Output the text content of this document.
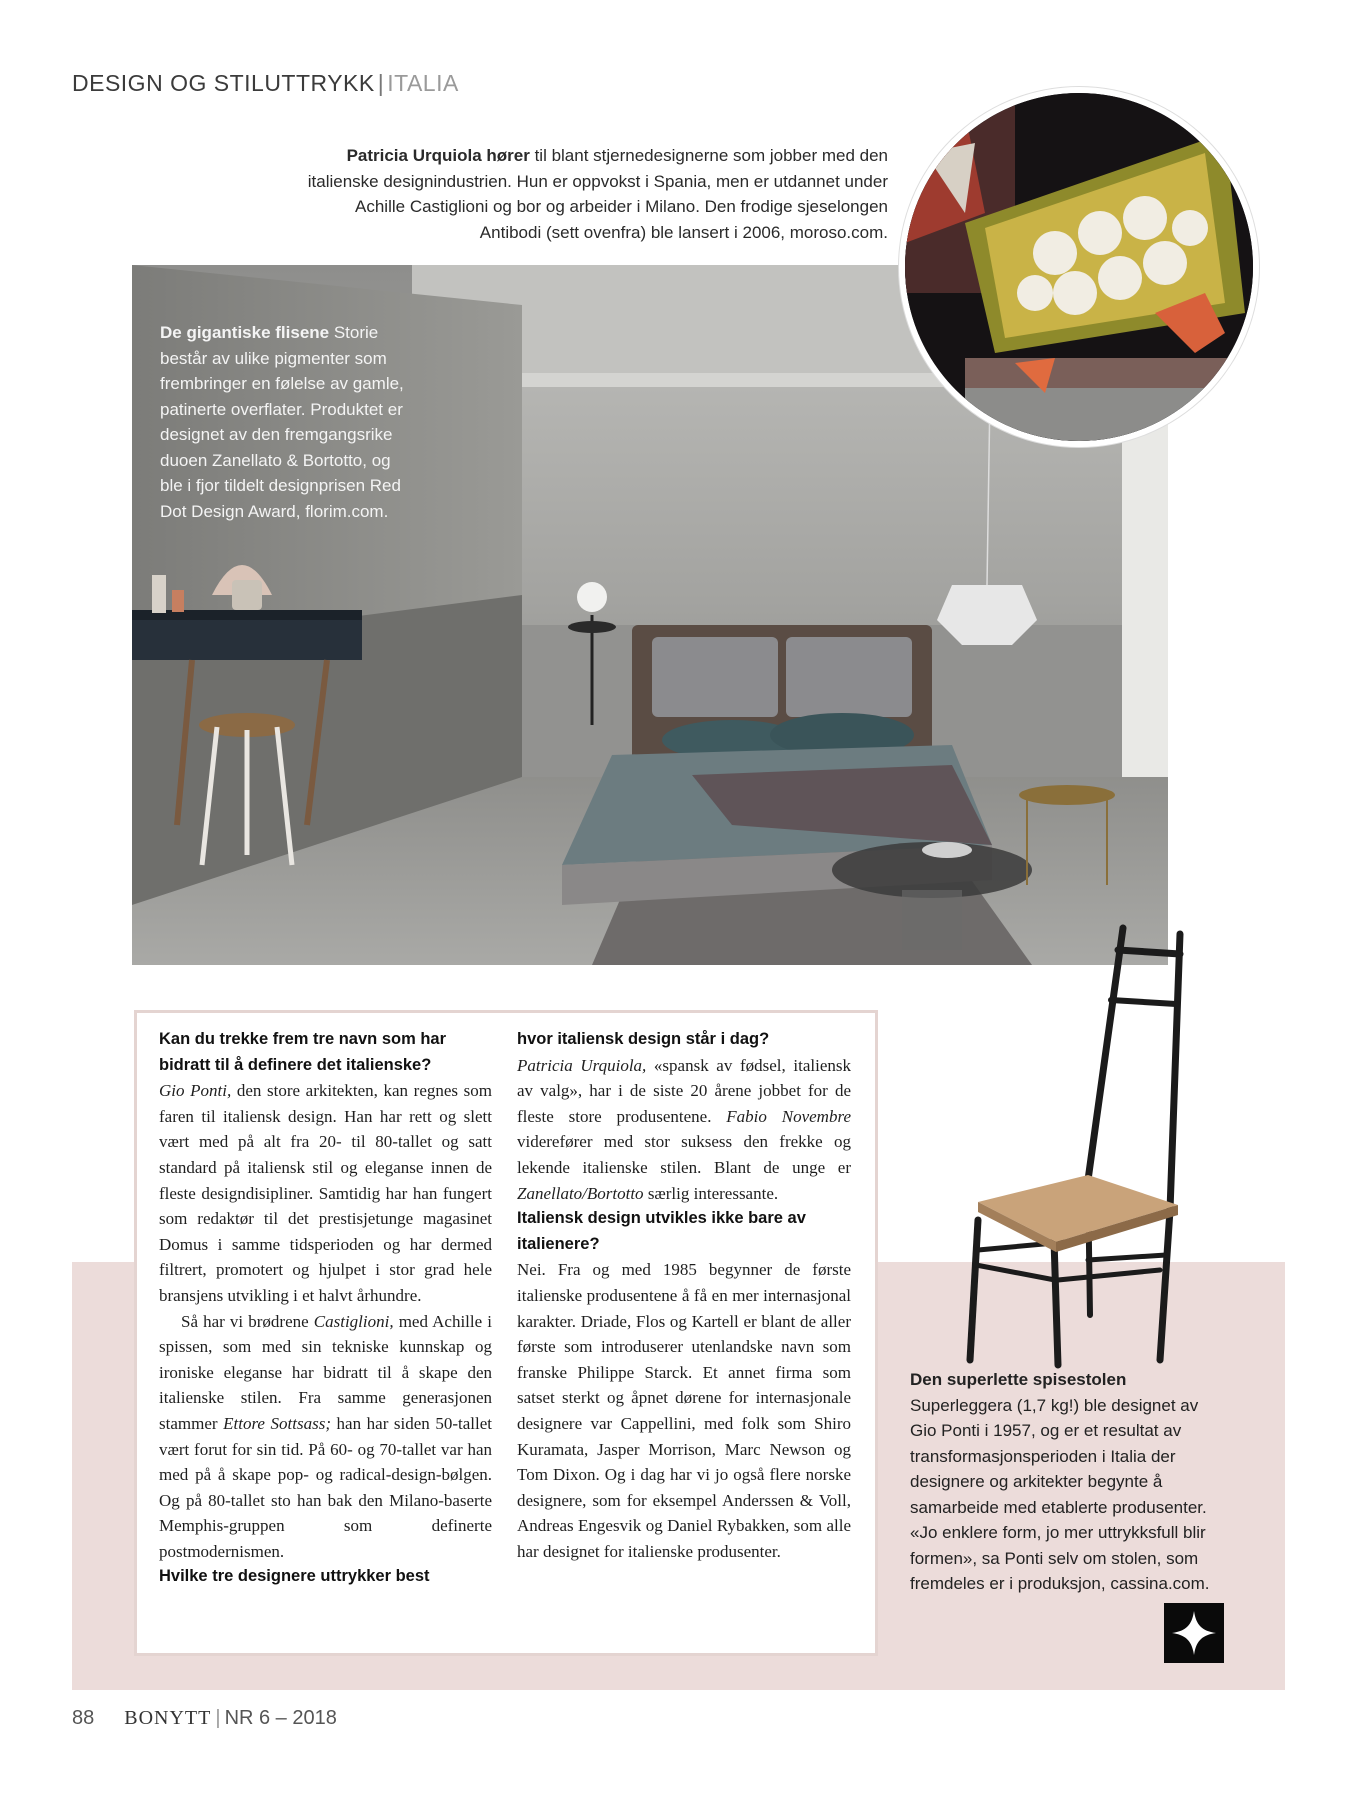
DESIGN OG STILUTTRYKK | ITALIA
Patricia Urquiola hører til blant stjernedesignerne som jobber med den italienske designindustrien. Hun er oppvokst i Spania, men er utdannet under Achille Castiglioni og bor og arbeider i Milano. Den frodige sjeselongen Antibodi (sett ovenfra) ble lansert i 2006, moroso.com.
De gigantiske flisene Storie består av ulike pigmenter som frembringer en følelse av gamle, patinerte overflater. Produktet er designet av den fremgangsrike duoen Zanellato & Bortotto, og ble i fjor tildelt designprisen Red Dot Design Award, florim.com.
Kan du trekke frem tre navn som har bidratt til å definere det italienske?

Gio Ponti, den store arkitekten, kan regnes som faren til italiensk design. Han har rett og slett vært med på alt fra 20- til 80-tallet og satt standard på italiensk stil og eleganse innen de fleste designdisipliner. Samtidig har han fungert som redaktør til det prestisjetunge magasinet Domus i samme tidsperioden og har dermed filtrert, promotert og hjulpet i stor grad hele bransjens utvikling i et halvt århundre.

Så har vi brødrene Castiglioni, med Achille i spissen, som med sin tekniske kunnskap og ironiske eleganse har bidratt til å skape den italienske stilen. Fra samme generasjonen stammer Ettore Sottsass; han har siden 50-tallet vært forut for sin tid. På 60- og 70-tallet var han med på å skape pop- og radical-design-bølgen. Og på 80-tallet sto han bak den Milano-baserte Memphis-gruppen som definerte postmodernismen.

Hvilke tre designere uttrykker best
hvor italiensk design står i dag?

Patricia Urquiola, «spansk av fødsel, italiensk av valg», har i de siste 20 årene jobbet for de fleste store produsentene. Fabio Novembre viderefører med stor suksess den frekke og lekende italienske stilen. Blant de unge er Zanellato/Bortotto særlig interessante.

Italiensk design utvikles ikke bare av italienere?

Nei. Fra og med 1985 begynner de første italienske produsentene å få en mer internasjonal karakter. Driade, Flos og Kartell er blant de aller første som introduserer utenlandske navn som franske Philippe Starck. Et annet firma som satset sterkt og åpnet dørene for internasjonale designere var Cappellini, med folk som Shiro Kuramata, Jasper Morrison, Marc Newson og Tom Dixon. Og i dag har vi jo også flere norske designere, som for eksempel Anderssen & Voll, Andreas Engesvik og Daniel Rybakken, som alle har designet for italienske produsenter.

Den superlette spisestolen Superleggera (1,7 kg!) ble designet av Gio Ponti i 1957, og er et resultat av transformasjonsperioden i Italia der designere og arkitekter begynte å samarbeide med etablerte produsenter. «Jo enklere form, jo mer uttrykksfull blir formen», sa Ponti selv om stolen, som fremdeles er i produksjon, cassina.com.
88 BONYTT | NR 6 – 2018
